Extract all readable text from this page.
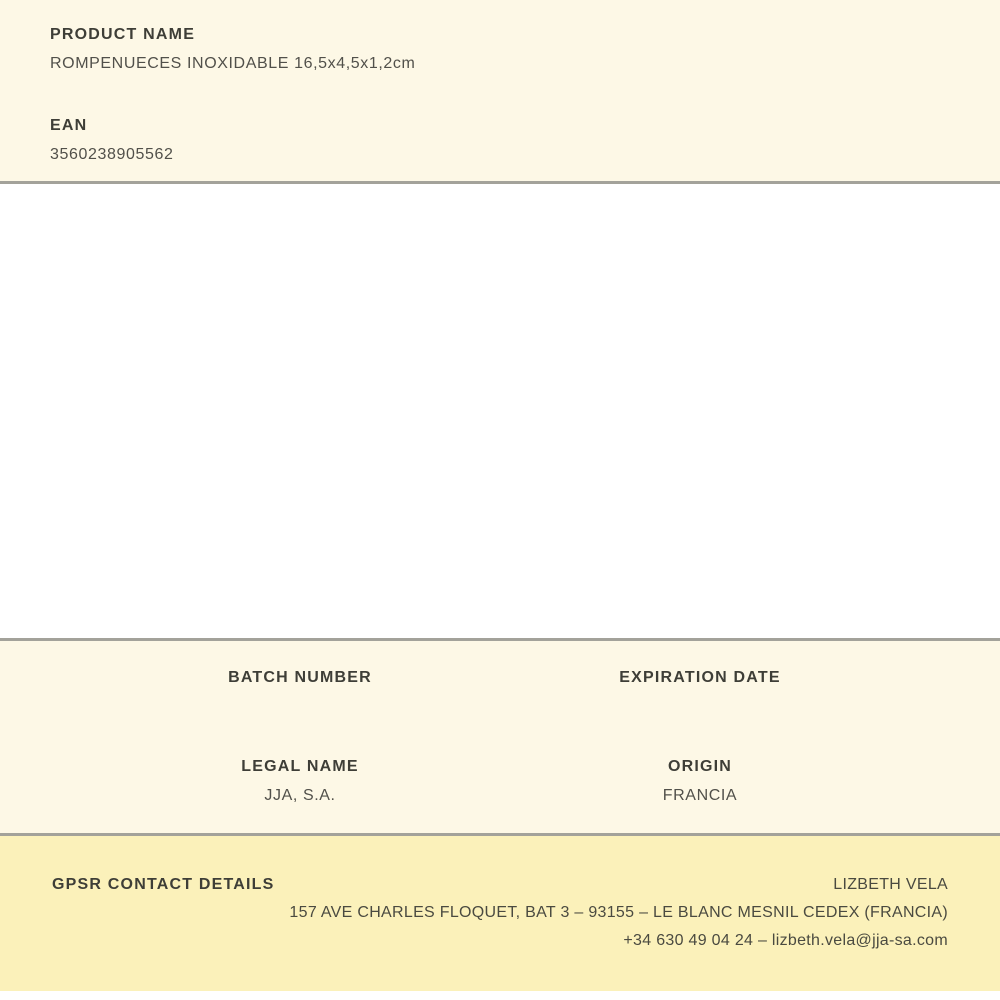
PRODUCT NAME
ROMPENUECES INOXIDABLE 16,5x4,5x1,2cm
EAN
3560238905562
BATCH NUMBER	EXPIRATION DATE
LEGAL NAME
JJA, S.A.
ORIGIN
FRANCIA
GPSR CONTACT DETAILS	LIZBETH VELA
157 AVE CHARLES FLOQUET, BAT 3 – 93155 – LE BLANC MESNIL CEDEX (FRANCIA)
+34 630 49 04 24 – lizbeth.vela@jja-sa.com
